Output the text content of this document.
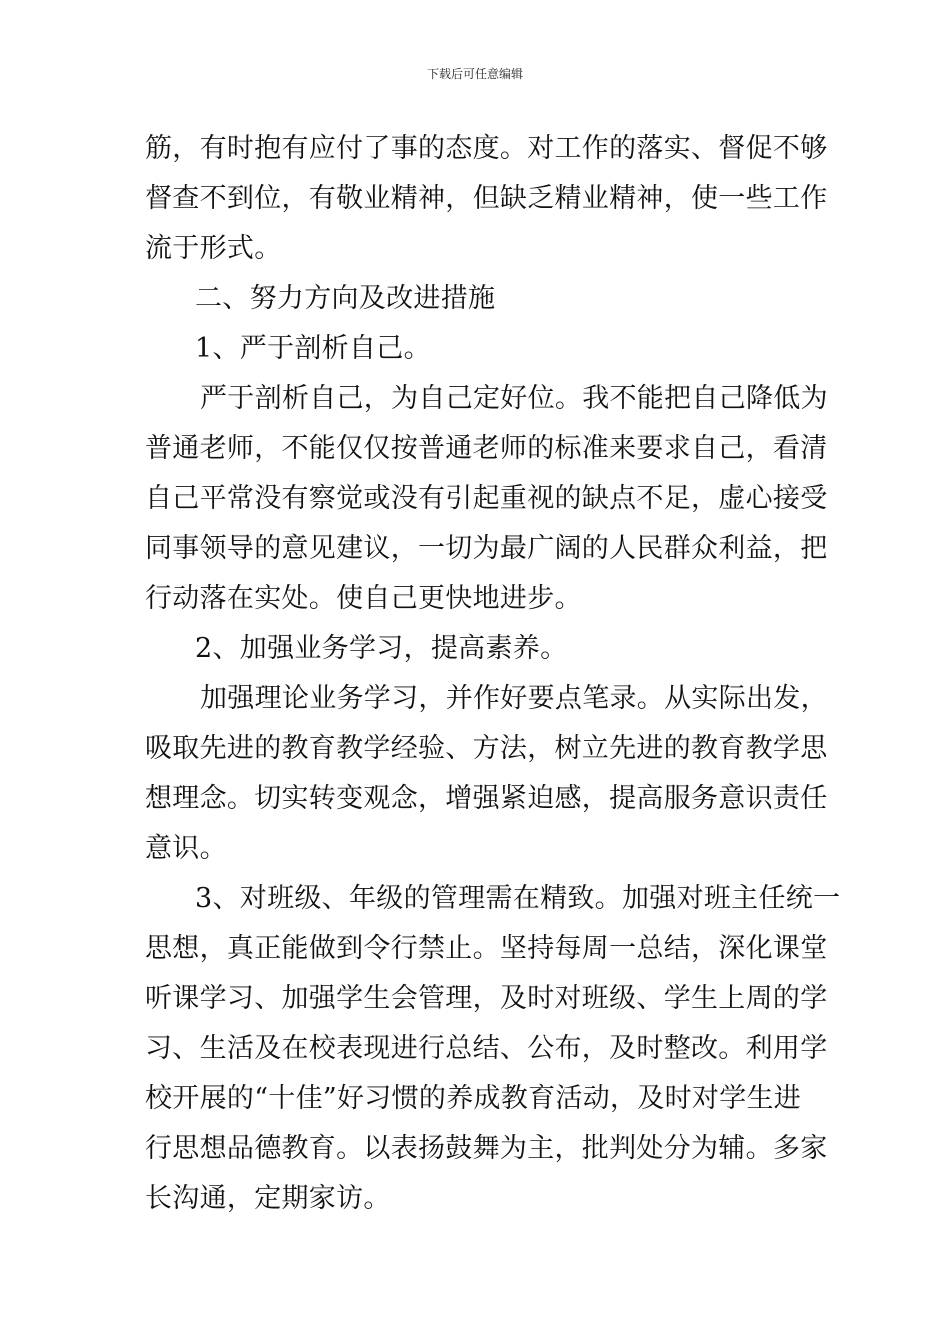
下载后可任意编辑
筋，有时抱有应付了事的态度。对工作的落实、督促不够
督查不到位，有敬业精神，但缺乏精业精神，使一些工作
流于形式。
二、努力方向及改进措施
1、严于剖析自己。
严于剖析自己，为自己定好位。我不能把自己降低为
普通老师，不能仅仅按普通老师的标准来要求自己，看清
自己平常没有察觉或没有引起重视的缺点不足，虚心接受
同事领导的意见建议，一切为最广阔的人民群众利益，把
行动落在实处。使自己更快地进步。
2、加强业务学习，提高素养。
加强理论业务学习，并作好要点笔录。从实际出发，
吸取先进的教育教学经验、方法，树立先进的教育教学思
想理念。切实转变观念，增强紧迫感，提高服务意识责任
意识。
3、对班级、年级的管理需在精致。加强对班主任统一
思想，真正能做到令行禁止。坚持每周一总结，深化课堂
听课学习、加强学生会管理，及时对班级、学生上周的学
习、生活及在校表现进行总结、公布，及时整改。利用学
校开展的“十佳”好习惯的养成教育活动，及时对学生进
行思想品德教育。以表扬鼓舞为主，批判处分为辅。多家
长沟通，定期家访。
